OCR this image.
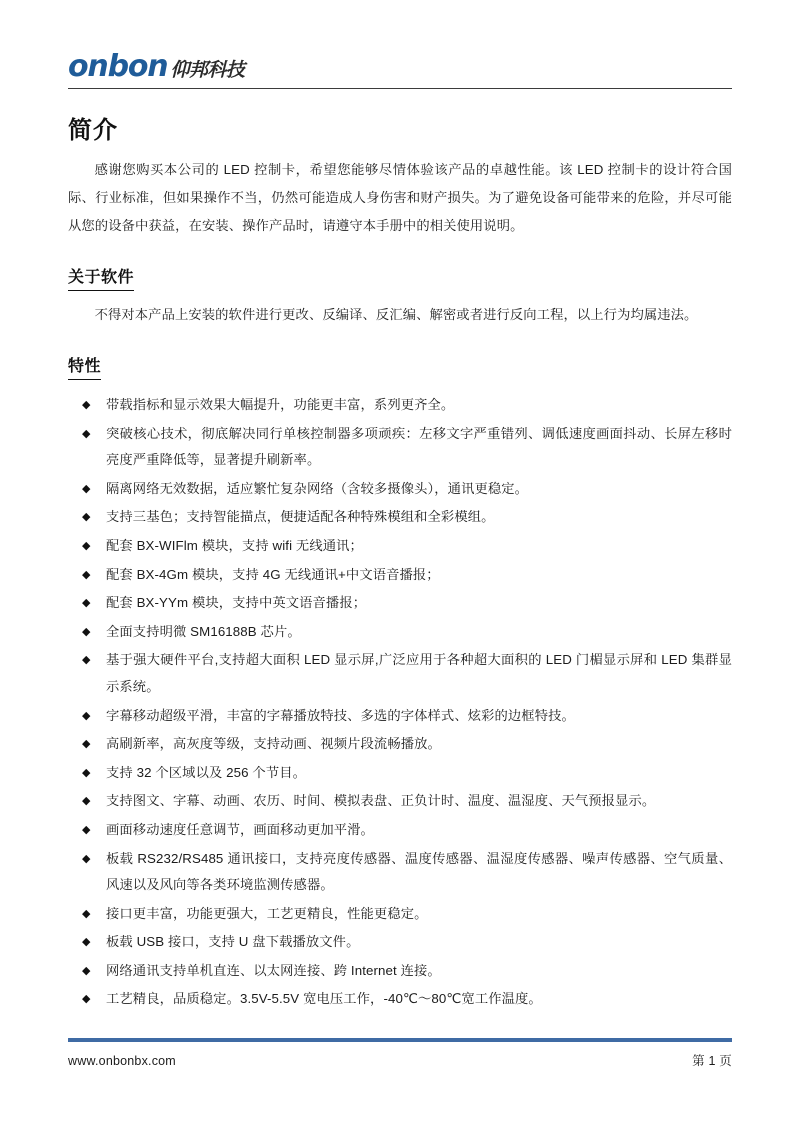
onbon 仰邦科技
简介

感谢您购买本公司的 LED 控制卡，希望您能够尽情体验该产品的卓越性能。该 LED 控制卡的设计符合国际、行业标准，但如果操作不当，仍然可能造成人身伤害和财产损失。为了避免设备可能带来的危险，并尽可能从您的设备中获益，在安装、操作产品时，请遵守本手册中的相关使用说明。

关于软件

不得对本产品上安装的软件进行更改、反编译、反汇编、解密或者进行反向工程，以上行为均属违法。

特性
◆ 带载指标和显示效果大幅提升，功能更丰富，系列更齐全。
◆ 突破核心技术，彻底解决同行单核控制器多项顽疾：左移文字严重错列、调低速度画面抖动、长屏左移时亮度严重降低等，显著提升刷新率。
◆ 隔离网络无效数据，适应繁忙复杂网络（含较多摄像头），通讯更稳定。
◆ 支持三基色；支持智能描点，便捷适配各种特殊模组和全彩模组。
◆ 配套 BX-WIFlm 模块，支持 wifi 无线通讯；
◆ 配套 BX-4Gm 模块，支持 4G 无线通讯+中文语音播报；
◆ 配套 BX-YYm 模块，支持中英文语音播报；
◆ 全面支持明微 SM16188B 芯片。
◆ 基于强大硬件平台,支持超大面积 LED 显示屏,广泛应用于各种超大面积的 LED 门楣显示屏和 LED 集群显示系统。
◆ 字幕移动超级平滑，丰富的字幕播放特技、多选的字体样式、炫彩的边框特技。
◆ 高刷新率，高灰度等级，支持动画、视频片段流畅播放。
◆ 支持 32 个区域以及 256 个节目。
◆ 支持图文、字幕、动画、农历、时间、模拟表盘、正负计时、温度、温湿度、天气预报显示。
◆ 画面移动速度任意调节，画面移动更加平滑。
◆ 板载 RS232/RS485 通讯接口，支持亮度传感器、温度传感器、温湿度传感器、噪声传感器、空气质量、风速以及风向等各类环境监测传感器。
◆ 接口更丰富，功能更强大，工艺更精良，性能更稳定。
◆ 板载 USB 接口，支持 U 盘下载播放文件。
◆ 网络通讯支持单机直连、以太网连接、跨 Internet 连接。
◆ 工艺精良，品质稳定。3.5V-5.5V 宽电压工作，-40℃～80℃宽工作温度。
www.onbonbx.com	第 1 页
